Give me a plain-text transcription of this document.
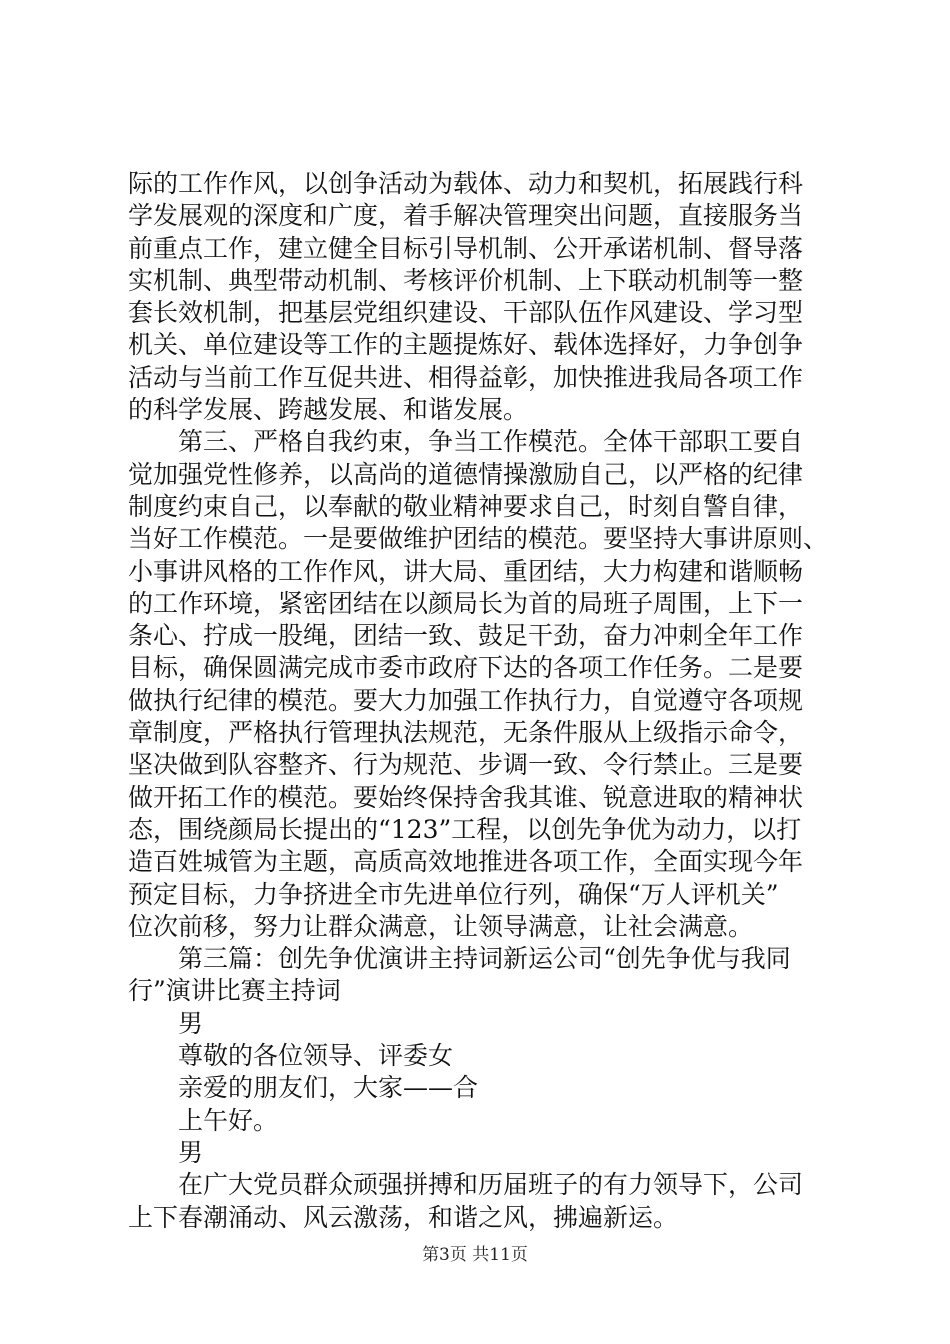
际的工作作风，以创争活动为载体、动力和契机，拓展践行科
学发展观的深度和广度，着手解决管理突出问题，直接服务当
前重点工作，建立健全目标引导机制、公开承诺机制、督导落
实机制、典型带动机制、考核评价机制、上下联动机制等一整
套长效机制，把基层党组织建设、干部队伍作风建设、学习型
机关、单位建设等工作的主题提炼好、载体选择好，力争创争
活动与当前工作互促共进、相得益彰，加快推进我局各项工作
的科学发展、跨越发展、和谐发展。
第三、严格自我约束，争当工作模范。全体干部职工要自
觉加强党性修养，以高尚的道德情操激励自己，以严格的纪律
制度约束自己，以奉献的敬业精神要求自己，时刻自警自律，
当好工作模范。一是要做维护团结的模范。要坚持大事讲原则、
小事讲风格的工作作风，讲大局、重团结，大力构建和谐顺畅
的工作环境，紧密团结在以颜局长为首的局班子周围，上下一
条心、拧成一股绳，团结一致、鼓足干劲，奋力冲刺全年工作
目标，确保圆满完成市委市政府下达的各项工作任务。二是要
做执行纪律的模范。要大力加强工作执行力，自觉遵守各项规
章制度，严格执行管理执法规范，无条件服从上级指示命令，
坚决做到队容整齐、行为规范、步调一致、令行禁止。三是要
做开拓工作的模范。要始终保持舍我其谁、锐意进取的精神状
态，围绕颜局长提出的“123”工程，以创先争优为动力，以打
造百姓城管为主题，高质高效地推进各项工作，全面实现今年
预定目标，力争挤进全市先进单位行列，确保“万人评机关”
位次前移，努力让群众满意，让领导满意，让社会满意。
第三篇：创先争优演讲主持词新运公司“创先争优与我同
行”演讲比赛主持词
男
尊敬的各位领导、评委女
亲爱的朋友们，大家——合
上午好。
男
在广大党员群众顽强拼搏和历届班子的有力领导下，公司
上下春潮涌动、风云激荡，和谐之风，拂遍新运。
第3页 共11页
